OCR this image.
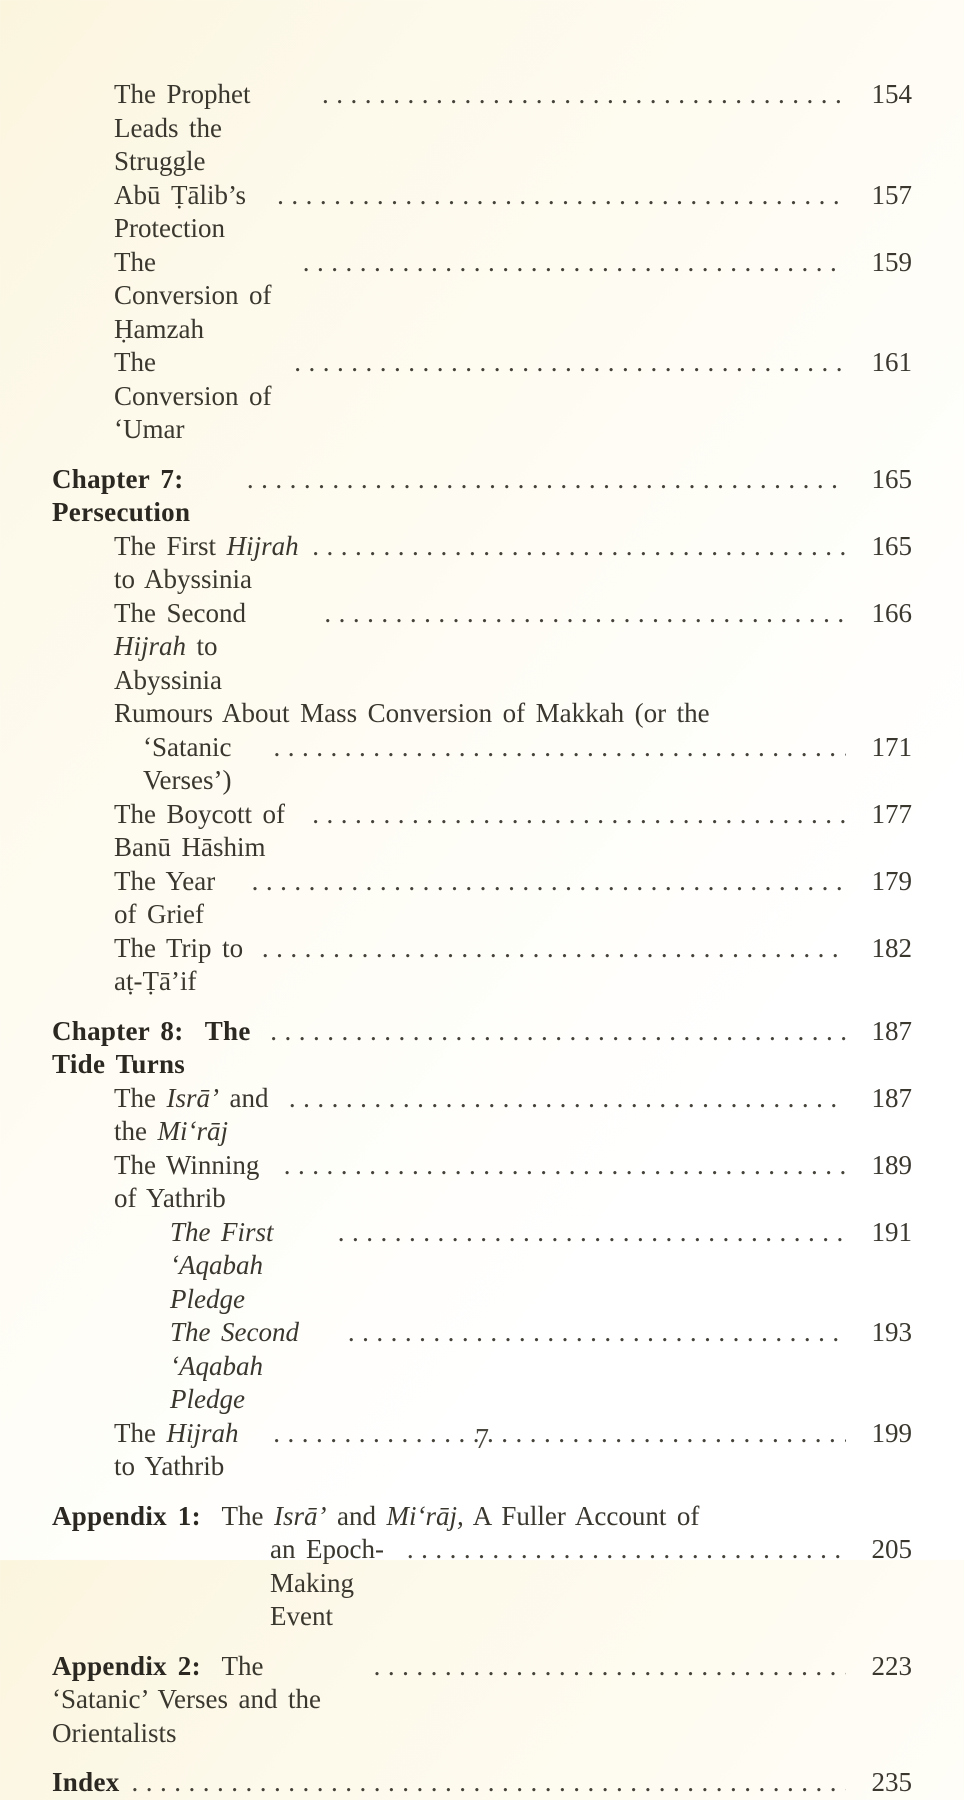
The Prophet Leads the Struggle
.....
154
Abū Ṭālib’s Protection
.....
157
The Conversion of Ḥamzah
.....
159
The Conversion of ‘Umar
.....
161
Chapter 7:  Persecution
.....
165
The First Hijrah to Abyssinia
.....
165
The Second Hijrah to Abyssinia
.....
166
Rumours About Mass Conversion of Makkah (or the
‘Satanic  Verses’)
.....
171
The Boycott of Banū Hāshim
.....
177
The Year of Grief
.....
179
The Trip to aṭ-Ṭā’if
.....
182
Chapter 8:  The Tide Turns
.....
187
The Isrā’ and the Mi‘rāj
.....
187
The Winning of Yathrib
.....
189
The First ‘Aqabah Pledge
.....
191
The Second ‘Aqabah Pledge
.....
193
The Hijrah to Yathrib
.....
199
Appendix 1:  The Isrā’ and Mi‘rāj, A Fuller Account of
an Epoch-Making Event
.....
205
Appendix 2:  The ‘Satanic’ Verses and the Orientalists
.....
223
Index .....	235
7
